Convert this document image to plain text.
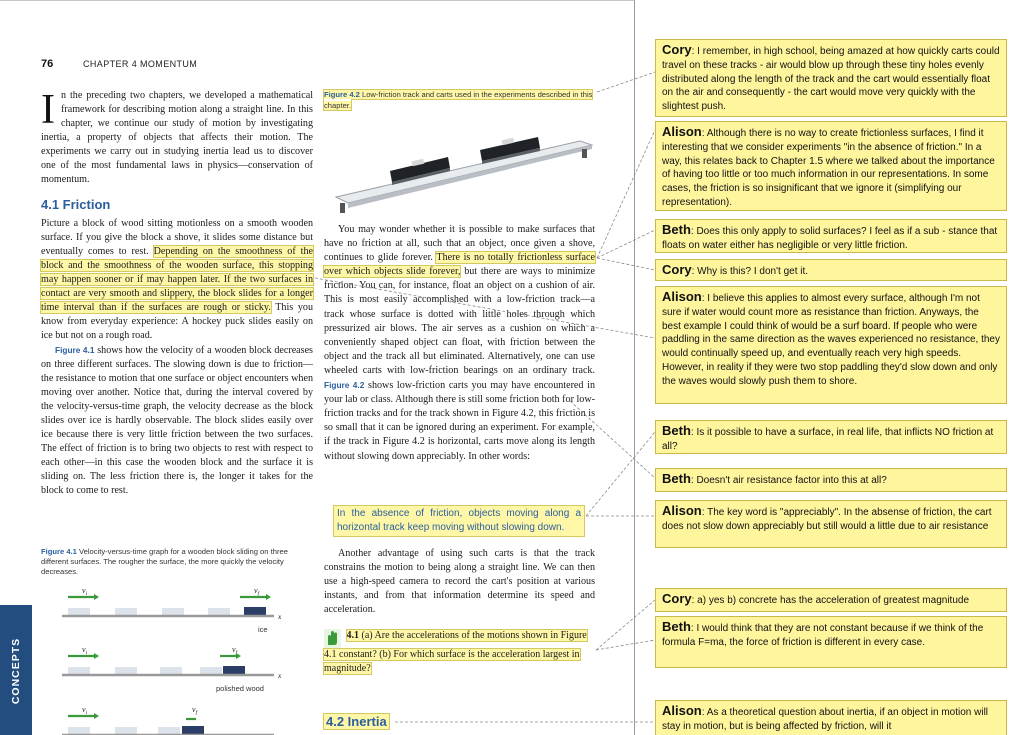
76	CHAPTER 4 MOMENTUM

In the preceding two chapters, we developed a mathematical framework for describing motion along a straight line. In this chapter, we continue our study of motion by investigating inertia, a property of objects that affects their motion. The experiments we carry out in studying inertia lead us to discover one of the most fundamental laws in physics—conservation of momentum.

4.1 Friction

Picture a block of wood sitting motionless on a smooth wooden surface. If you give the block a shove, it slides some distance but eventually comes to rest. Depending on the smoothness of the block and the smoothness of the wooden surface, this stopping may happen sooner or if may happen later. If the two surfaces in contact are very smooth and slippery, the block slides for a longer time interval than if the surfaces are rough or sticky. This you know from everyday experience: A hockey puck slides easily on ice but not on a rough road.

Figure 4.1 shows how the velocity of a wooden block decreases on three different surfaces. The slowing down is due to friction—the resistance to motion that one surface or object encounters when moving over another. Notice that, during the interval covered by the velocity-versus-time graph, the velocity decrease as the block slides over ice is hardly observable. The block slides easily over ice because there is very little friction between the two surfaces. The effect of friction is to bring two objects to rest with respect to each other—in this case the wooden block and the surface it is sliding on. The less friction there is, the longer it takes for the block to come to rest.

Figure 4.1 Velocity-versus-time graph for a wooden block sliding on three different surfaces. The rougher the surface, the more quickly the velocity decreases.
$v_i$	$v_f$
x
ice
$v_i$	$v_f$
x
polished wood
$v_i$	$v_f$
Figure 4.2 Low-friction track and carts used in the experiments described in this chapter.

You may wonder whether it is possible to make surfaces that have no friction at all, such that an object, once given a shove, continues to glide forever. There is no totally frictionless surface over which objects slide forever, but there are ways to minimize friction. You can, for instance, float an object on a cushion of air. This is most easily accomplished with a low-friction track—a track whose surface is dotted with little holes through which pressurized air blows. The air serves as a cushion on which a conveniently shaped object can float, with friction between the object and the track all but eliminated. Alternatively, one can use wheeled carts with low-friction bearings on an ordinary track. Figure 4.2 shows low-friction carts you may have encountered in your lab or class. Although there is still some friction both for low-friction tracks and for the track shown in Figure 4.2, this friction is so small that it can be ignored during an experiment. For example, if the track in Figure 4.2 is horizontal, carts move along its length without slowing down appreciably. In other words:

In the absence of friction, objects moving along a horizontal track keep moving without slowing down.

Another advantage of using such carts is that the track constrains the motion to being along a straight line. We can then use a high-speed camera to record the cart's position at various instants, and from that information determine its speed and acceleration.

4.1 (a) Are the accelerations of the motions shown in Figure 4.1 constant? (b) For which surface is the acceleration largest in magnitude?
4.2 Inertia
CONCEPTS
Cory: I remember, in high school, being amazed at how quickly carts could travel on these tracks - air would blow up through these tiny holes evenly distributed along the length of the track and the cart would essentially float on the air and consequently - the cart would move very quickly with the slightest push.
Alison: Although there is no way to create frictionless surfaces, I find it interesting that we consider experiments "in the absence of friction." In a way, this relates back to Chapter 1.5 where we talked about the importance of having too little or too much information in our representations. In some cases, the friction is so insignificant that we ignore it (simplifying our representation).
Beth: Does this only apply to solid surfaces? I feel as if a sub - stance that floats on water either has negligible or very little friction.
Cory: Why is this? I don't get it.
Alison: I believe this applies to almost every surface, although I'm not sure if water would count more as resistance than friction. Anyways, the best example I could think of would be a surf board. If people who were paddling in the same direction as the waves experienced no resistance, they would continually speed up, and eventually reach very high speeds. However, in reality if they were two stop paddling they'd slow down and only the waves would slowly push them to shore.
Beth: Is it possible to have a surface, in real life, that inflicts NO friction at all?
Beth: Doesn't air resistance factor into this at all?
Alison: The key word is "appreciably". In the absense of friction, the cart does not slow down appreciably but still would a little due to air resistance
Cory: a) yes b) concrete has the acceleration of greatest magnitude
Beth: I would think that they are not constant because if we think of the formula F=ma, the force of friction is different in every case.
Alison: As a theoretical question about inertia, if an object in motion will stay in motion, but is being affected by friction, will it
